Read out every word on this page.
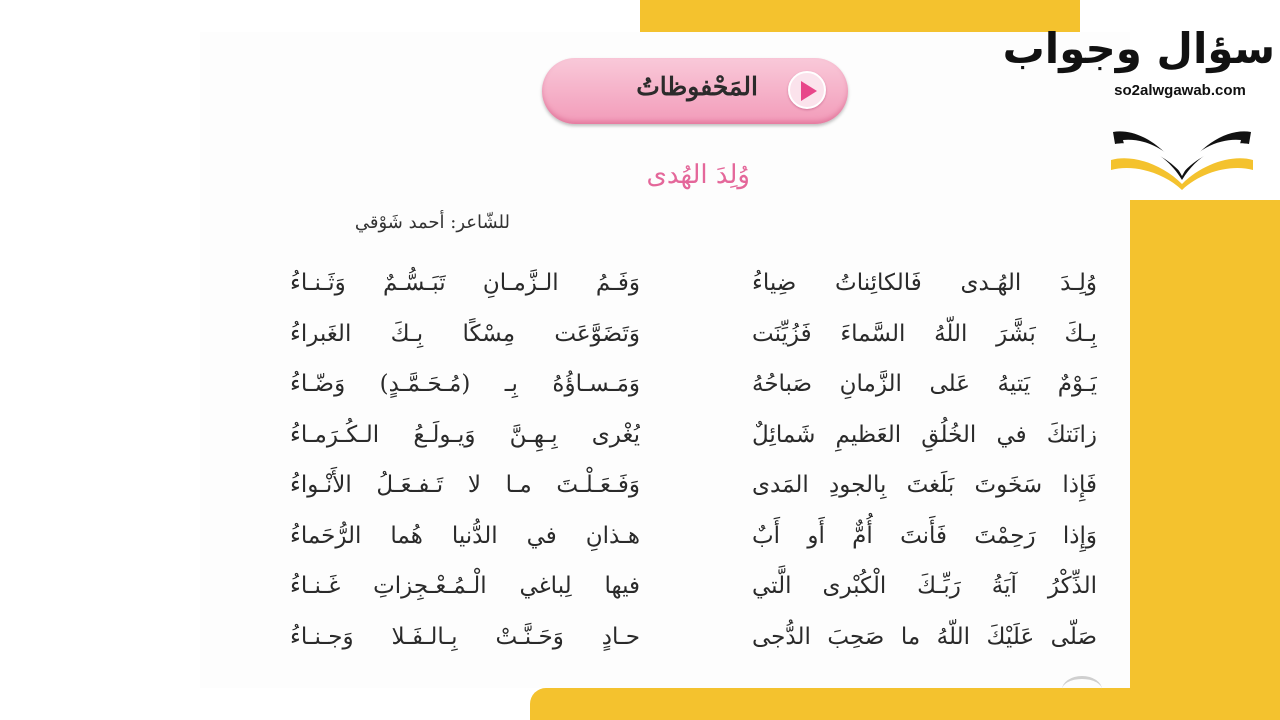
المَحْفوظاتُ
وُلِدَ الهُدى
للشّاعر: أحمد شَوْقي
وُلِـدَ الهُـدى فَالكائِناتُ ضِياءُ
بِـكَ بَشَّرَ اللّهُ السَّماءَ فَزُيِّنَت
يَـوْمٌ يَتيهُ عَلى الزَّمانِ صَباحُهُ
زانَتكَ في الخُلُقِ العَظيمِ شَمائِلٌ
فَإِذا سَخَوتَ بَلَغتَ بِالجودِ المَدى
وَإِذا رَحِمْتَ فَأَنتَ أُمٌّ أَو أَبٌ
الذِّكْرُ آيَةُ رَبِّـكَ الْكُبْرى الَّتي
صَلّى عَلَيْكَ اللّهُ ما صَحِبَ الدُّجى
وَفَـمُ الـزَّمـانِ تَبَـسُّـمٌ وَثَـنـاءُ
وَتَضَوَّعَت مِسْكًا بِـكَ الغَبراءُ
وَمَـسـاؤُهُ بِـ (مُـحَـمَّـدٍ) وَضّـاءُ
يُغْرى بِـهِـنَّ وَيـولَـعُ الـكُـرَمـاءُ
وَفَـعَـلْـتَ مـا لا تَـفـعَـلُ الأَنْـواءُ
هـذانِ في الدُّنيا هُما الرُّحَماءُ
فيها لِباغي الْـمُـعْـجِزاتِ غَـنـاءُ
حـادٍ وَحَـنَّـتْ بِـالـفَـلا وَجـنـاءُ
سؤال وجواب
so2alwgawab.com
